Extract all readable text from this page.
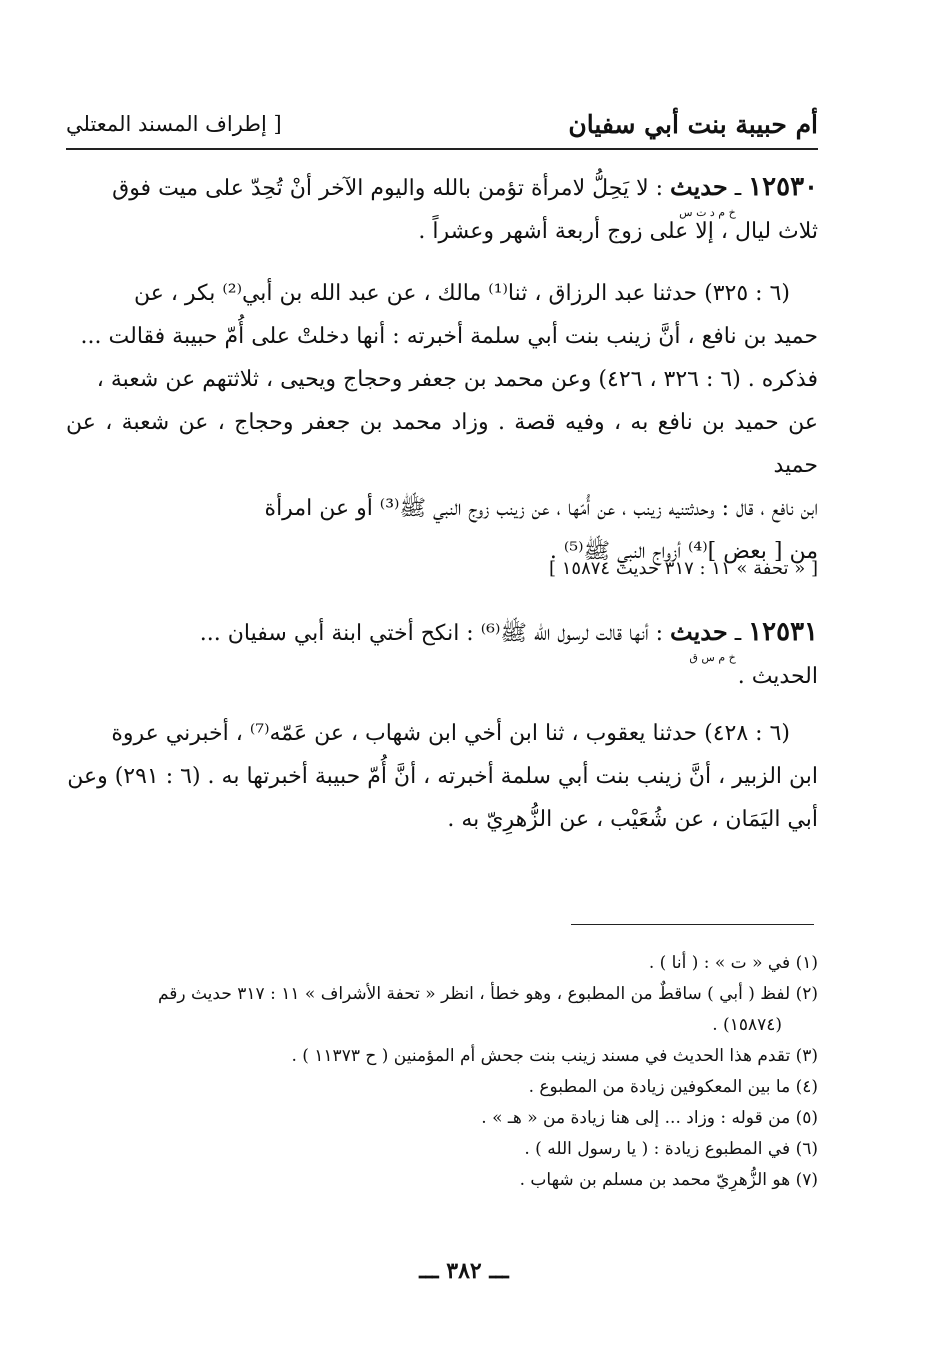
أم حبيبة بنت أبي سفيان
[ إطراف المسند المعتلي

١٢٥٣٠ ـ حديث
خ م د ت س
: لا يَحِلُّ لامرأة تؤمن بالله واليوم الآخر أنْ تُحِدّ على ميت فوق

ثلاث ليال ، إلا على زوج أربعة أشهر وعشراً .

(٦ : ٣٢٥) حدثنا عبد الرزاق ، ثنا⁽¹⁾ مالك ، عن عبد الله بن أبي⁽²⁾ بكر ، عن

حميد بن نافع ، أنَّ زينب بنت أبي سلمة أخبرته : أنها دخلتْ على أُمّ حبيبة فقالت ...

فذكره . (٦ : ٣٢٦ ، ٤٢٦) وعن محمد بن جعفر وحجاج ويحيى ، ثلاثتهم عن شعبة ،

عن حميد بن نافع به ، وفيه قصة . وزاد محمد بن جعفر وحجاج ، عن شعبة ، عن حميد

ابن نافع ، قال : وحدثتنيه زينب ، عن أُمّها ، عن زينب زوج النبي ﷺ⁽³⁾ أو عن امرأة

من [ بعض ]⁽⁴⁾ أزواج النبي ﷺ⁽⁵⁾ .

[ « تحفة » ١١ : ٣١٧ حديث ١٥٨٧٤ ]

١٢٥٣١ ـ حديث
خ م س ق
: أنها قالت لرسول الله ﷺ⁽⁶⁾ : انكح أختي ابنة أبي سفيان ...

الحديث .

(٦ : ٤٢٨) حدثنا يعقوب ، ثنا ابن أخي ابن شهاب ، عن عَمّه⁽⁷⁾ ، أخبرني عروة

ابن الزبير ، أنَّ زينب بنت أبي سلمة أخبرته ، أنَّ أُمّ حبيبة أخبرتها به . (٦ : ٢٩١) وعن

أبي اليَمَان ، عن شُعَيْب ، عن الزُّهرِيّ به .

(١) في « ت » : ( أنا ) .

(٢) لفظ ( أبي ) ساقطٌ من المطبوع ، وهو خطأ ، انظر « تحفة الأشراف » ١١ : ٣١٧ حديث رقم

(١٥٨٧٤) .

(٣) تقدم هذا الحديث في مسند زينب بنت جحش أم المؤمنين ( ح ١١٣٧٣ ) .

(٤) ما بين المعكوفين زيادة من المطبوع .

(٥) من قوله : وزاد ... إلى هنا زيادة من « هـ » .

(٦) في المطبوع زيادة : ( يا رسول الله ) .

(٧) هو الزُّهرِيّ محمد بن مسلم بن شهاب .

ـــ ٣٨٢ ـــ
